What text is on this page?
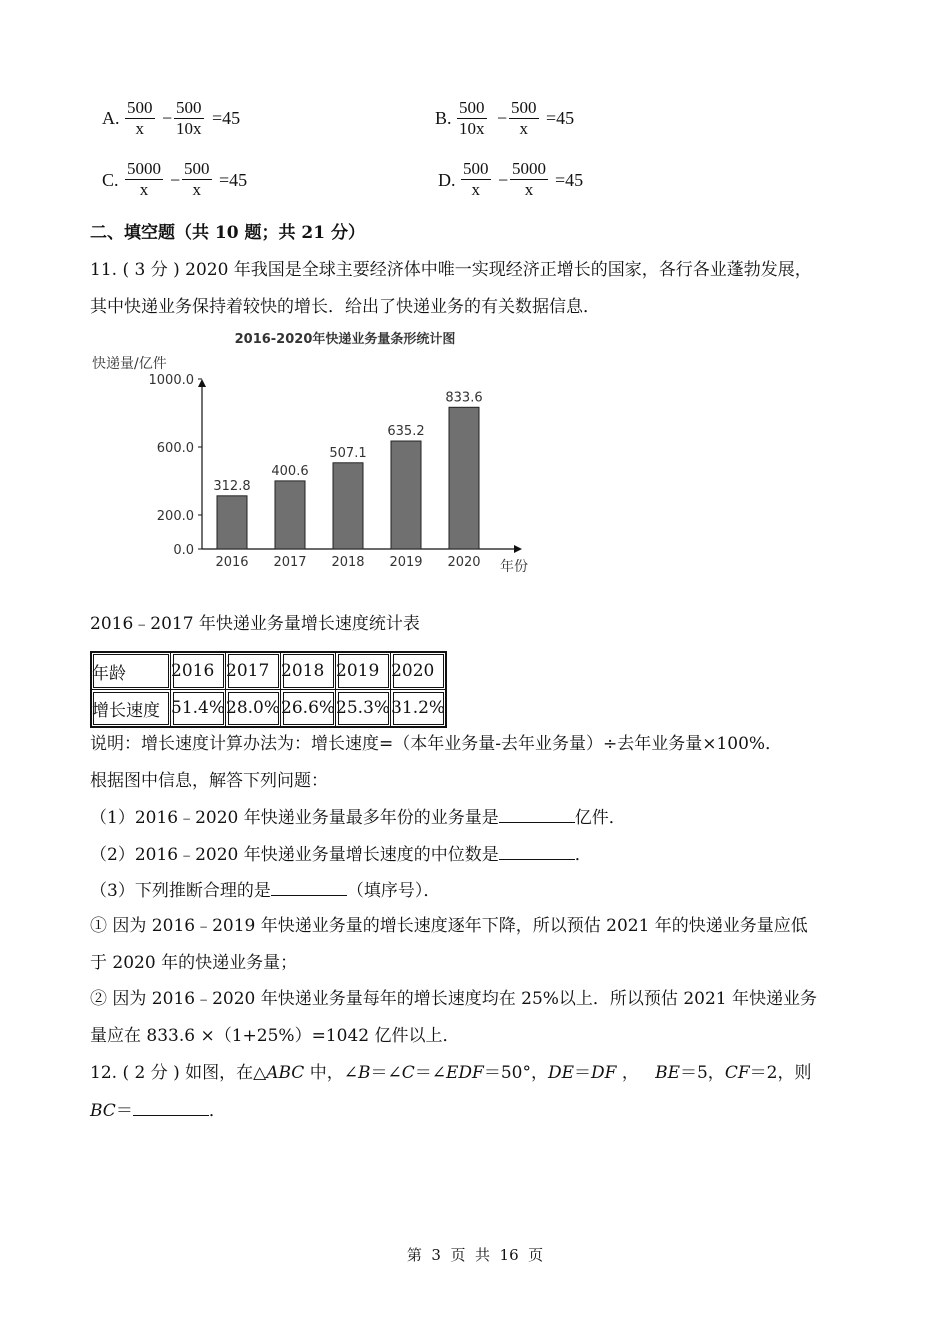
A. $\frac{500}{x} - \frac{500}{10x} =45$	B. $\frac{500}{10x} - \frac{500}{x} =45$
C. $\frac{5000}{x} - \frac{500}{x} =45$	D. $\frac{500}{x} - \frac{5000}{x} =45$
二、填空题（共 10 题；共 21 分）
11. ( 3 分 ) 2020 年我国是全球主要经济体中唯一实现经济正增长的国家，各行各业蓬勃发展，
其中快递业务保持着较快的增长．给出了快递业务的有关数据信息．
2016-2020年快递业务量条形统计图
快递量/亿件
0.0
200.0
600.0
1000.0
312.8
2016
400.6
2017
507.1
2018
635.2
2019
833.6
2020 年份
2016﹣2017 年快递业务量增长速度统计表
年龄	2016	2017	2018	2019	2020
增长速度	51.4%	28.0%	26.6%	25.3%	31.2%
说明：增长速度计算办法为：增长速度=（本年业务量-去年业务量）÷去年业务量×100%．
根据图中信息，解答下列问题：
（1）2016﹣2020 年快递业务量最多年份的业务量是	亿件．
（2）2016﹣2020 年快递业务量增长速度的中位数是	．
（3）下列推断合理的是	（填序号）．
① 因为 2016﹣2019 年快递业务量的增长速度逐年下降，所以预估 2021 年的快递业务量应低
于 2020 年的快递业务量；
② 因为 2016﹣2020 年快递业务量每年的增长速度均在 25%以上．所以预估 2021 年快递业务
量应在 833.6 ×（1+25%）=1042 亿件以上．
12. ( 2 分 ) 如图，在△ABC 中，∠B＝∠C＝∠EDF＝50°，DE＝DF ，   BE＝5，CF＝2，则
BC＝	．
第  3  页  共  16  页
